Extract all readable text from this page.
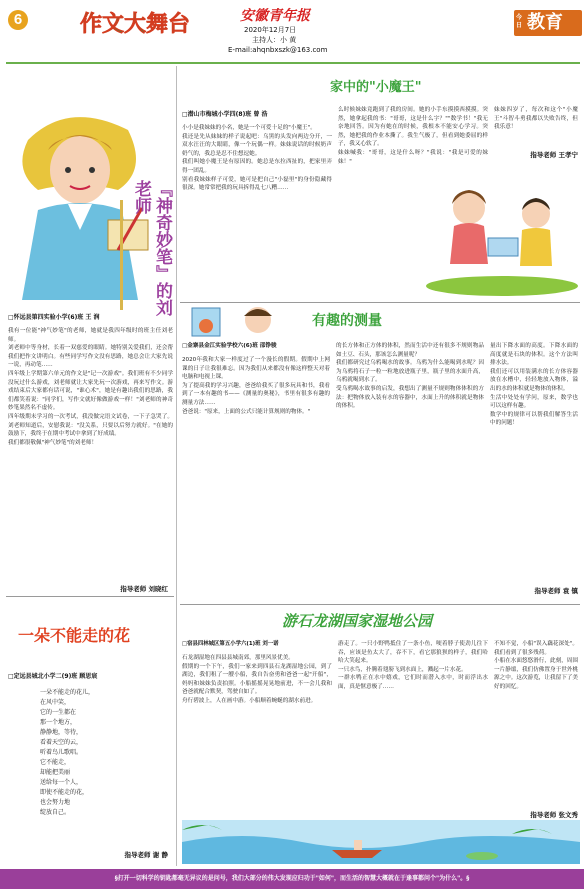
6	作文大舞台	安徽青年报
2020年12月7日
主持人：小 黄
E-mail:ahqnbxszk@163.com
今日 教育
『神奇妙笔』的刘老师
□怀远县第四实验小学(6)班 王 润
我有一位能"神气妙笔"的老师，她就是我四年级时的班主任刘老师。
刘老师中等身材，长着一双慈爱的眼睛。她特别关爱我们，还会帮我们把作文讲明白。有些同学写作文没有思路，她总会让大家先说一说，再动笔……
四年级上学期第六单元的作文是"记一次游戏"。我们班有不少同学没玩过什么游戏，刘老师就让大家先玩一次游戏，再来写作文。游戏结束后大家都有话可说，"谁心术"，她是有趣出我们的思路，我们都笑着说："同学们，写作文就好像做游戏一样！"刘老师的神奇妙笔果然名不虚传。
四年级期末学习的一次考试，我没做完语文试卷，一下子急哭了。刘老师知道后，安慰我说："没关系，只要以后努力就好。"在她的鼓励下，我终于在期中考试中拿到了好成绩。
我们都很敬佩"神气妙笔"的刘老师！
指导老师 刘晓红
一朵不能走的花
□定远县城北小学二(9)班 顾思宸
一朵不能走的花儿，
在风中笑，
它的一生都在
那一个地方，
静静地，等待，
看着天空的云，
听着鸟儿歌唱。
它不能走，
却能把美丽
送给每一个人，
即使不能走的花，
也会努力地
绽放自己。
指导老师 谢 静
家中的"小魔王"
□潜山市梅城小学四(8)班 曾 浩
小小是我妹妹的小名，她是一个可爱十足的"小魔王"。
我还是先从妹妹的样子说起吧：乌黑的头发向两边分开，一双水汪汪的大眼睛，像一个玩偶一样。妹妹说话的时候奶声奶气的，我总是忍不住想逗她。
我们叫她小魔王是有原因的。她总是东拉西扯的，把家里弄得一团乱。
别看我妹妹样子可爱，她可是把自己"小磊里"的身份隐藏得很深。她常常把我的玩具拆得乱七八糟……
么时候妹妹竟跑到了我的房间。她的小手东摸摸西摸摸。突然，她拿起我的书："哥哥，这是什么字？""数学书！"我无奈地回答。因为有她在的时候，我根本不能安心学习。突然，她把我的作业本撕了。我生气极了，但看到她委屈的样子，我又心软了。
妹妹喊我："哥哥，这是什么呀？"我说："我是可爱的妹妹！"
妹妹四岁了，每次和这个"小魔王"斗智斗勇我都以失败告终，但我乐意！
指导老师 王孝宁
有趣的测量
□金寨县金江实验学校六(6)班 邵铮骏
2020年我和大家一样度过了一个漫长的假期。假期中上网课的日子让我很难忘。因为我们从来都没有像这样整天对着电脑和电视上课。
为了提高我的学习兴趣，爸爸给我买了很多玩具和书，我看到了一本有趣的书——《测量的奥秘》，书里有很多有趣的测量方法……
爸爸说："原来，上面的公式只能计算规则的物体。"
的长方体和正方体的体积，然而生活中还有很多不规则物品如土豆、石头，那该怎么测量呢？
我们都研究过乌鸦喝水的故事。乌鸦为什么能喝到水呢？因为乌鸦将石子一粒一粒地放进瓶子里，瓶子里的水面升高，乌鸦就喝到水了。
受乌鸦喝水故事的启发，我想出了测量不规则物体体积的方法：把物体放入装有水的容器中，水面上升的体积就是物体的体积。
量出下降水面的高度。下降水面的高度就是石块的体积。这个方法叫排水法。
我们还可以用装满水的长方体容器放在水槽中，轻轻地放入物体，溢出的水的体积就是物体的体积。
生活中处处有学问，原来，数学也可以这样有趣。
数学中的规律可以帮我们解答生活中的问题！
指导老师 袁 镇
游石龙湖国家湿地公园
□宿县四林城区第五小学六(1)班 刘一诺
石龙湖湿地在四县县城南郊，那里风景优美。
假期的一个下午，我们一家来到四县石龙湖湿地公园，到了湖边，我们租了一艘小船，我自告奋勇和爸爸一起"开船"，妈妈和妹妹负责拍照。小船摇摇晃晃地前进，不一会儿我和爸爸就配合默契，驾驶自如了。
舟行碧波上，人在画中游。小船顺着蜿蜒的湖水前进。
游走了。一只小野鸭抵住了一条小鱼，哽着脖子使劲儿往下吞，应该是鱼太大了，吞不下，看它那狼狈的样子，我们哈哈大笑起来。
一只水鸟，扑腾着翅膀飞到水面上，溅起一片水花。
一群水鸭正在水中嬉戏，它们时而潜入水中，时而浮出水面，真是惬意极了……
不知不觉，小船"误入藕花深处"。我们看到了很多残荷。
小船在水面悠悠滑行，此刻，周围一片静谧，我们仿佛置身于世外桃源之中。这次游览，让我留下了美好的回忆。
指导老师 张文秀
§打开一切科学的钥匙都毫无异议的是问号，我们大部分的伟大发现应归功于"如何"，而生活的智慧大概就在于逢事都问个"为什么"。§
